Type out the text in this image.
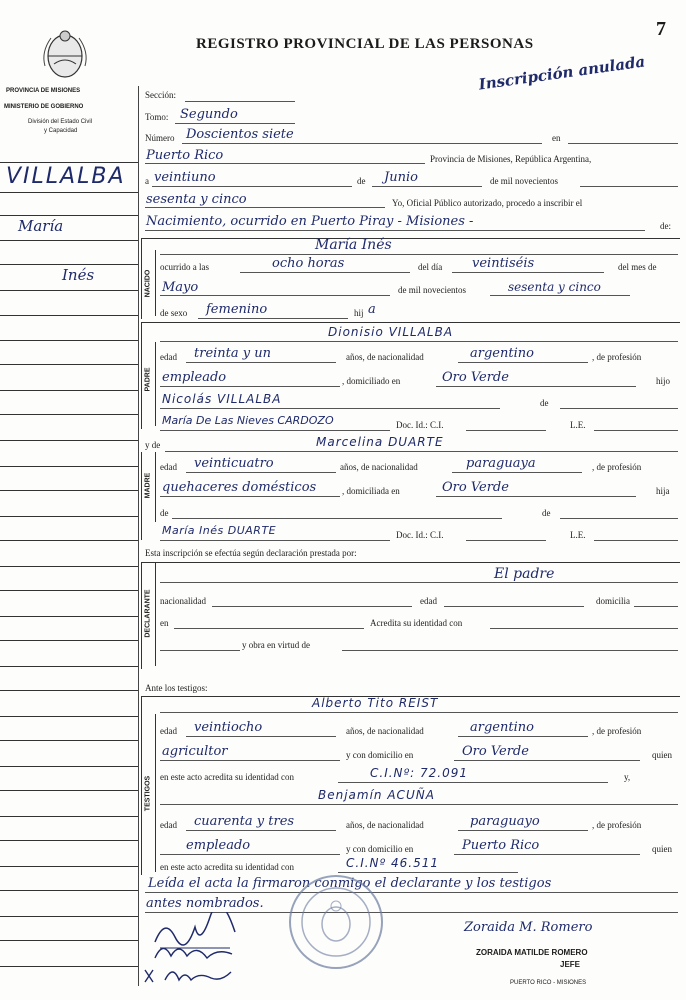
7
REGISTRO PROVINCIAL DE LAS PERSONAS
Inscripción anulada
PROVINCIA DE MISIONES
MINISTERIO DE GOBIERNO
División del Estado Civil
y Capacidad
VILLALBA
María
Inés
Sección:
Tomo: Segundo
Número Doscientos siete	en
Puerto Rico	Provincia de Misiones, República Argentina,
a veintiuno	de Junio	de mil novecientos
sesenta y cinco	Yo, Oficial Público autorizado, procedo a inscribir el
Nacimiento, ocurrido en Puerto Piray - Misiones -	de:
NACIDO
María Inés
ocurrido a las	ocho horas	del día veintiséis	del mes de
Mayo	de mil novecientos	sesenta y cinco
de sexo femenino	hij a
PADRE
Dionisio VILLALBA
edad treinta y un	años, de nacionalidad	argentino	, de profesión
empleado	, domiciliado en	Oro Verde	hijo
Nicolás VILLALBA	de
María De Las Nieves CARDOZO	Doc. Id.: C.I.	L.E.
y de	Marcelina DUARTE
MADRE
edad veinticuatro	años, de nacionalidad	paraguaya	, de profesión
quehaceres domésticos	, domiciliada en	Oro Verde	hija
de	de
María Inés DUARTE	Doc. Id.: C.I.	L.E.
Esta inscripción se efectúa según declaración prestada por:
DECLARANTE
El padre
nacionalidad	edad	domicilia
en	Acredita su identidad con
y obra en virtud de
Ante los testigos:
TESTIGOS
Alberto Tito REIST
edad veintiocho	años, de nacionalidad	argentino	, de profesión
agricultor	y con domicilio en	Oro Verde	quien
en este acto acredita su identidad con	C.I.Nº: 72.091	y,
Benjamín ACUÑA
edad cuarenta y tres	años, de nacionalidad	paraguayo	, de profesión
empleado	y con domicilio en	Puerto Rico	quien
en este acto acredita su identidad con	C.I.Nº 46.511
Leída el acta la firmaron conmigo el declarante y los testigos
antes nombrados.
Zoraida M. Romero
ZORAIDA MATILDE ROMERO
JEFE
PUERTO RICO - MISIONES
